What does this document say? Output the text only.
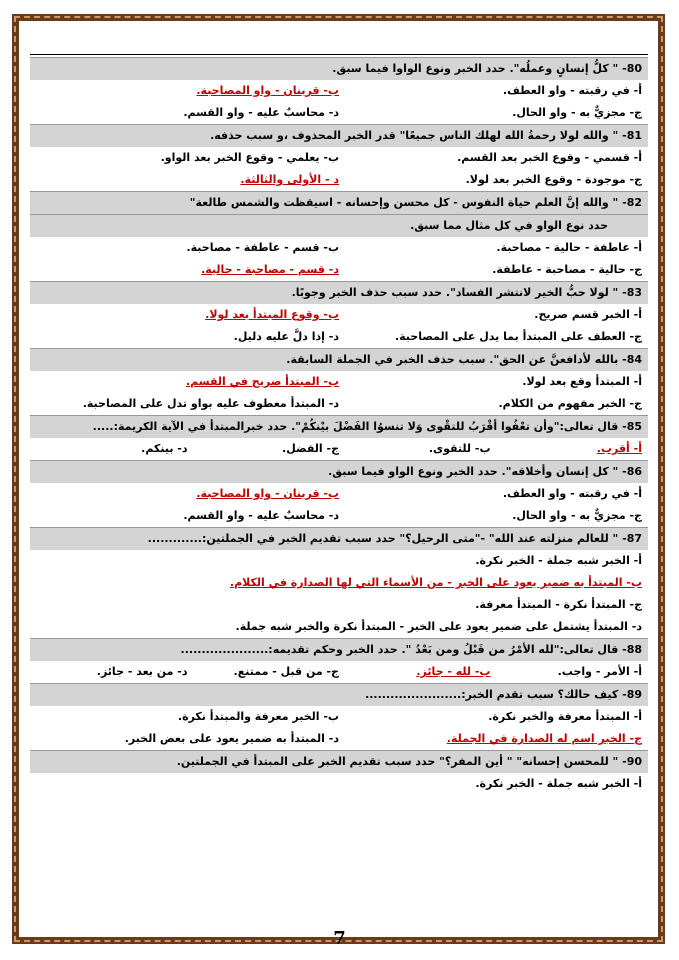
80- " كلُّ إنسانٍ وعملُه". حدد الخبر ونوع الواوا فيما سبق.
أ- في رقبته - واو العطف.
ب- قرينان - واو المصاحبة.
ج- مجزيٌّ به - واو الحال.
د- محاسبٌ عليه - واو القسم.
81- " والله لولا رحمةُ الله لهلك الناس جميعًا" قدر الخبر المحذوف ،و سبب حذفه.
أ- قسمي - وقوع الخبر بعد القسم.
ب- يعلمي - وقوع الخبر بعد الواو.
ج- موجودة - وقوع الخبر بعد لولا.
د - الأولى والثالثة.
82- " والله إنَّ العلم حياة النفوس - كل محسن وإحسانه - اسيقظت والشمس طالعة"
حدد نوع الواو في كل مثال مما سبق.
أ- عاطفة - حالية - مصاحبة.
ب- قسم - عاطفة - مصاحبة.
ج- حالية - مصاحبة - عاطفة.
د- قسم - مصاحبة - حالية.
83- " لولا حبُّ الخير لانتشر الفساد". حدد سبب حذف الخبر وجوبًا.
أ- الخبر قسم صريح.
ب- وقوع المبتدأ بعد لولا.
ج- العطف على المبتدأ بما يدل على المصاحبة.
د- إذا دلَّ عليه دليل.
84- بالله لأدافعنَّ عن الحق". سبب حذف الخبر في الجملة السابقة.
أ- المبتدأ وقع بعد لولا.
ب- المبتدأ صريح في القسم.
ج- الخبر مفهوم من الكلام.
د- المبتدأ معطوف عليه بواو تدل على المصاحبة.
85- قال تعالى:"وأن تعْفُوا أقْرَبُ للتقْوى وَلا تنسوُا الفَضْلَ بيْنكُمْ". حدد خبرالمبتدأ في الآية الكريمة:.....
أ- أقرب.
ب- للتقوى.
ج- الفضل.
د- بينكم.
86- " كل إنسان وأخلاقه". حدد الخبر ونوع الواو فيما سبق.
أ- في رقبته - واو العطف.
ب- قرينان - واو المصاحبة.
ج- مجزيٌّ به - واو الحال.
د- محاسبٌ عليه - واو القسم.
87- " للعالم منزلته عند الله" -"متى الرحيل؟" حدد سبب تقديم الخبر في الجملتين:.............
أ- الخبر شبه جملة - الخبر نكرة.
ب- المبتدأ به ضمير يعود على الخبر - من الأسماء التي لها الصدارة في الكلام.
ج- المبتدأ نكرة - المبتدأ معرفة.
د- المبتدأ يشتمل على ضمير يعود على الخبر - المبتدأ نكرة والخبر شبه جملة.
88- قال تعالى:"لله الأمْرُ من قَبْلُ ومن بَعْدُ ". حدد الخبر وحكم تقديمه:.....................
أ- الأمر - واجب.
ب- لله - جائز.
ج- من قبل - ممتنع.
د- من بعد - جائز.
89- كيف حالك؟ سبب تقدم الخبر:.......................
أ- المبتدأ معرفة والخبر نكرة.
ب- الخبر معرفة والمبتدأ نكرة.
ج- الخبر اسم له الصدارة في الجملة.
د- المبتدأ به ضمير يعود على بعض الخبر.
90- " للمحسن إحسانه" " أين المفر؟" حدد سبب تقديم الخبر على المبتدأ في الجملتين.
أ- الخبر شبه جملة - الخبر نكرة.
7
